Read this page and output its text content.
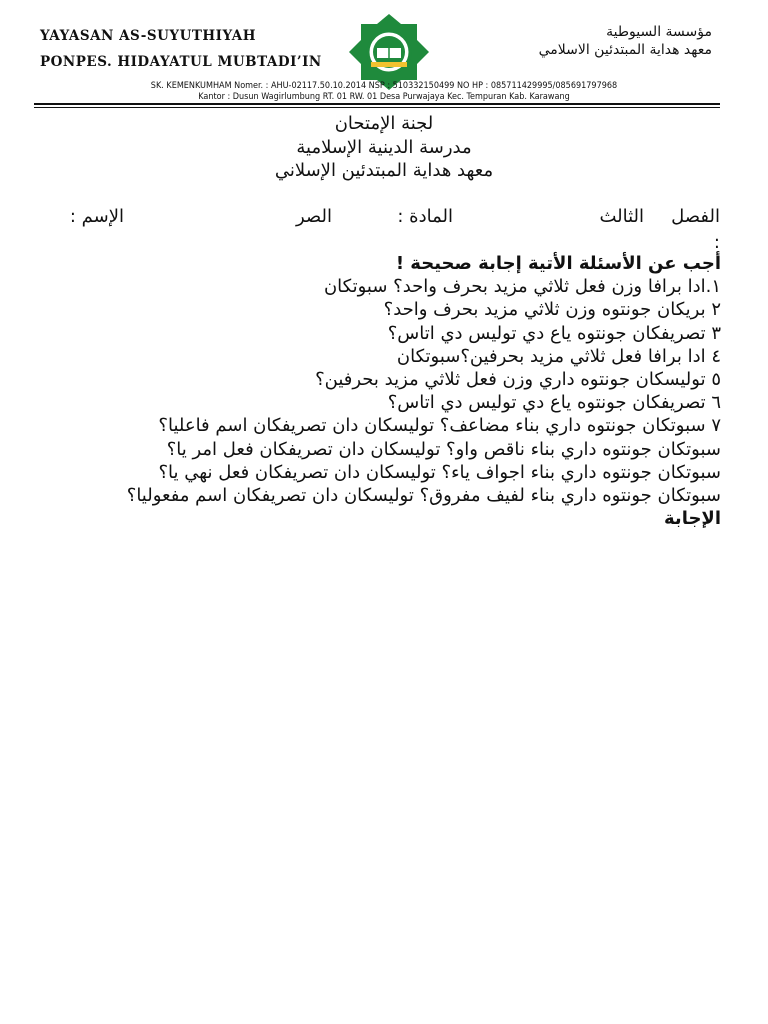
YAYASAN AS-SUYUTHIYAH
PONPES. HIDAYATUL MUBTADI’IN
مؤسسة السيوطية
معهد هداية المبتدئين الاسلامي
SK. KEMENKUMHAM Nomer. : AHU-02117.50.10.2014 NSP : 510332150499 NO HP : 085711429995/085691797968
Kantor : Dusun Wagirlumbung RT. 01 RW. 01 Desa Purwajaya Kec. Tempuran Kab. Karawang
لجنة الإمتحان
مدرسة الدينية الإسلامية
معهد هداية المبتدئين الإسلاني
الفصل
الثالث
المادة :
الصر
الإسم :
:

أجب عن الأسئلة الأتية إجابة صحيحة !

١.ادا برافا وزن فعل ثلاثي مزيد بحرف واحد؟ سبوتكان

٢ بريكان جونتوه وزن ثلاثي مزيد بحرف واحد؟

٣ تصريفكان جونتوه ياع دي توليس دي اتاس؟

٤ ادا برافا فعل ثلاثي مزيد بحرفين؟سبوتكان

٥ توليسكان جونتوه داري وزن فعل ثلاثي مزيد بحرفين؟

٦ تصريفكان جونتوه ياع دي توليس دي اتاس؟

٧ سبوتكان جونتوه داري بناء مضاعف؟ توليسكان دان تصريفكان اسم فاعليا؟

سبوتكان جونتوه داري بناء ناقص واو؟ توليسكان دان تصريفكان فعل امر يا؟

سبوتكان جونتوه داري بناء اجواف ياء؟ توليسكان دان تصريفكان فعل نهي يا؟

سبوتكان جونتوه داري بناء لفيف مفروق؟ توليسكان دان تصريفكان اسم مفعوليا؟

الإجابة
